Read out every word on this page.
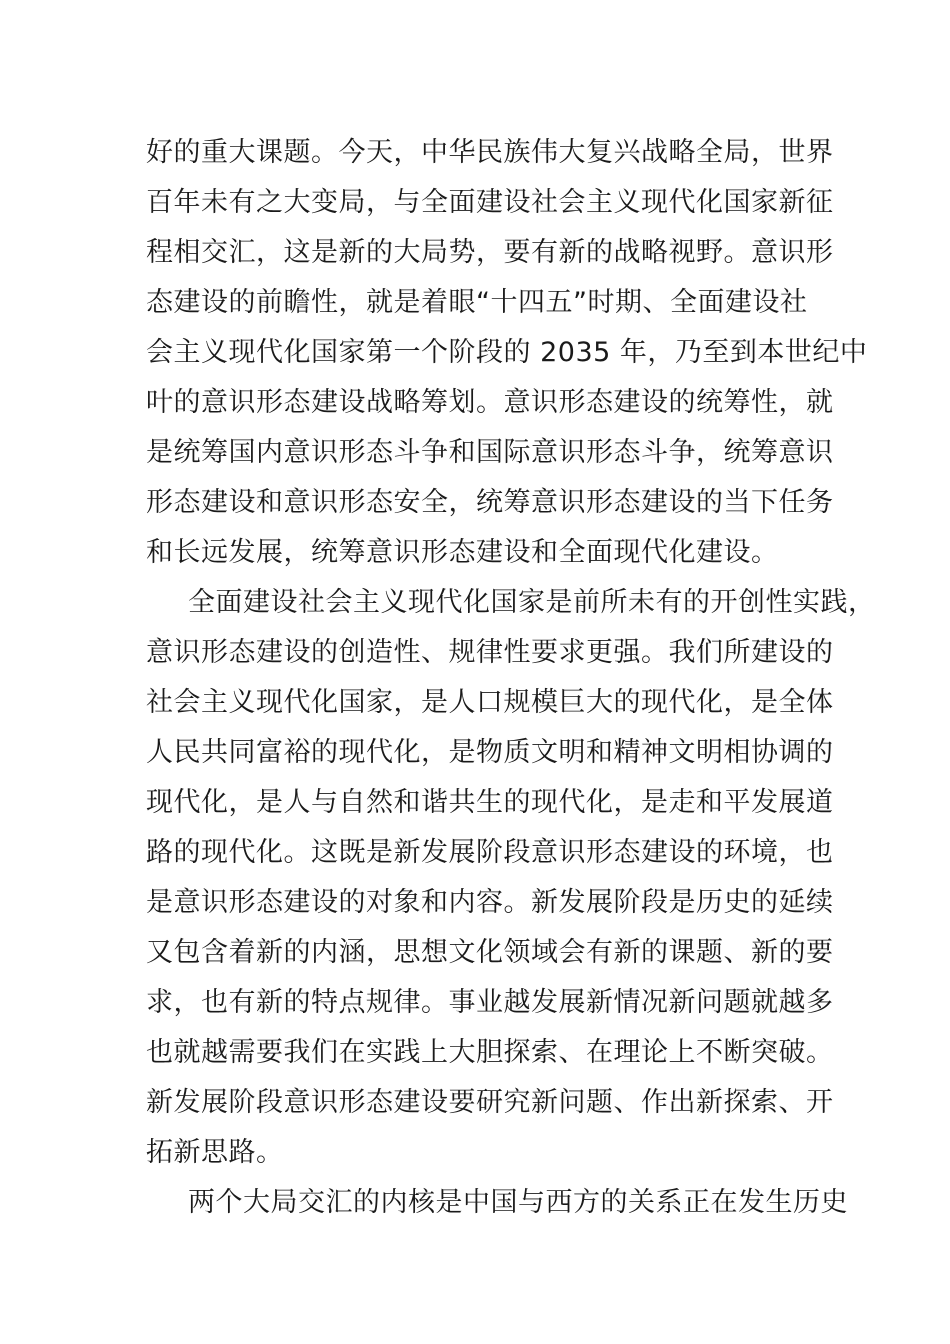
好的重大课题。今天，中华民族伟大复兴战略全局，世界
百年未有之大变局，与全面建设社会主义现代化国家新征
程相交汇，这是新的大局势，要有新的战略视野。意识形
态建设的前瞻性，就是着眼“十四五”时期、全面建设社
会主义现代化国家第一个阶段的 2035 年，乃至到本世纪中
叶的意识形态建设战略筹划。意识形态建设的统筹性，就
是统筹国内意识形态斗争和国际意识形态斗争，统筹意识
形态建设和意识形态安全，统筹意识形态建设的当下任务
和长远发展，统筹意识形态建设和全面现代化建设。
全面建设社会主义现代化国家是前所未有的开创性实践，
意识形态建设的创造性、规律性要求更强。我们所建设的
社会主义现代化国家，是人口规模巨大的现代化，是全体
人民共同富裕的现代化，是物质文明和精神文明相协调的
现代化，是人与自然和谐共生的现代化，是走和平发展道
路的现代化。这既是新发展阶段意识形态建设的环境，也
是意识形态建设的对象和内容。新发展阶段是历史的延续
又包含着新的内涵，思想文化领域会有新的课题、新的要
求，也有新的特点规律。事业越发展新情况新问题就越多
也就越需要我们在实践上大胆探索、在理论上不断突破。
新发展阶段意识形态建设要研究新问题、作出新探索、开
拓新思路。
两个大局交汇的内核是中国与西方的关系正在发生历史
